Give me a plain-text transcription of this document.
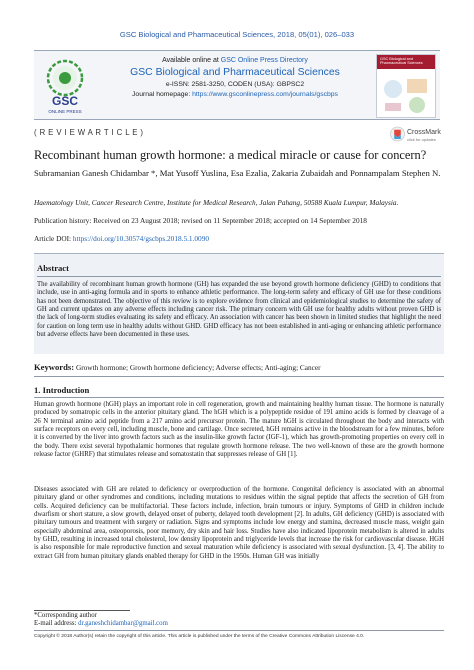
GSC Biological and Pharmaceutical Sciences, 2018, 05(01), 026–033
GSC
ONLINE PRESS
Available online at GSC Online Press Directory
GSC Biological and Pharmaceutical Sciences
e-ISSN: 2581-3250, CODEN (USA): GBPSC2
Journal homepage: https://www.gsconlinepress.com/journals/gscbps
GSC Biological and Pharmaceutical Sciences
( R E V I E W A R T I C L E )	CrossMark
click for updates
Recombinant human growth hormone: a medical miracle or cause for concern?
Subramanian Ganesh Chidambar *, Mat Yusoff Yuslina, Esa Ezalia, Zakaria Zubaidah and Ponnampalam Stephen N.
Haematology Unit, Cancer Research Centre, Institute for Medical Research, Jalan Pahang, 50588 Kuala Lumpur, Malaysia.
Publication history: Received on 23 August 2018; revised on 11 September 2018; accepted on 14 September 2018
Article DOI: https://doi.org/10.30574/gscbps.2018.5.1.0090
Abstract
The availability of recombinant human growth hormone (GH) has expanded the use beyond growth hormone deficiency (GHD) to conditions that include, use in anti-aging formula and in sports to enhance athletic performance. The long-term safety and efficacy of GH use for these conditions has not been demonstrated. The objective of this review is to explore evidence from clinical and epidemiological studies to determine the safety of GH and current updates on any adverse effects including cancer risk. The primary concern with GH use for healthy adults without proven GHD is the lack of long-term studies evaluating its safety and efficacy. An association with cancer has been shown in limited studies that highlight the need for caution on long term use in healthy adults without GHD. GHD efficacy has not been established in anti-aging or enhancing athletic performance but adverse effects have been documented in these uses.
Keywords: Growth hormone; Growth hormone deficiency; Adverse effects; Anti-aging; Cancer
1. Introduction
Human growth hormone (hGH) plays an important role in cell regeneration, growth and maintaining healthy human tissue. The hormone is naturally produced by somatropic cells in the anterior pituitary gland. The hGH which is a polypeptide residue of 191 amino acids is formed by cleavage of a 26 N terminal amino acid peptide from a 217 amino acid precursor protein. The mature hGH is circulated throughout the body and interacts with surface receptors on every cell, including muscle, bone and cartilage. Once secreted, hGH remains active in the bloodstream for a few minutes, before it is converted by the liver into growth factors such as the insulin-like growth factor (IGF-1), which has growth-promoting properties on every cell in the body. There exist several hypothalamic hormones that regulate growth hormone release. The two well-known of these are the growth hormone release factor (GHRF) that stimulates release and somatostatin that suppresses release of GH [1].
Diseases associated with GH are related to deficiency or overproduction of the hormone. Congenital deficiency is associated with an abnormal pituitary gland or other syndromes and conditions, including mutations to residues within the signal peptide that affects the secretion of GH from cells. Acquired deficiency can be multifactorial. These factors include, infection, brain tumours or injury. Symptoms of GHD in children include dwarfism or short stature, a slow growth, delayed onset of puberty, delayed tooth development [2]. In adults, GH deficiency (GHD) is associated with pituitary tumours and treatment with surgery or radiation. Signs and symptoms include low energy and stamina, decreased muscle mass, weight gain especially abdominal area, osteoporosis, poor memory, dry skin and hair loss. Studies have also indicated lipoprotein metabolism is altered in adults by GHD, resulting in increased total cholesterol, low density lipoprotein and triglyceride levels that increase the risk for cardiovascular disease. HGH is also responsible for male reproductive function and sexual maturation while deficiency is associated with sexual dysfunction. [3, 4]. The ability to extract GH from human pituitary glands enabled therapy for GHD in the 1950s. Human GH was initially
*Corresponding author
E-mail address: dr.ganeshchidambar@gmail.com
Copyright © 2018 Author(s) retain the copyright of this article. This article is published under the terms of the Creative Commons Attribution Liscense 4.0.
